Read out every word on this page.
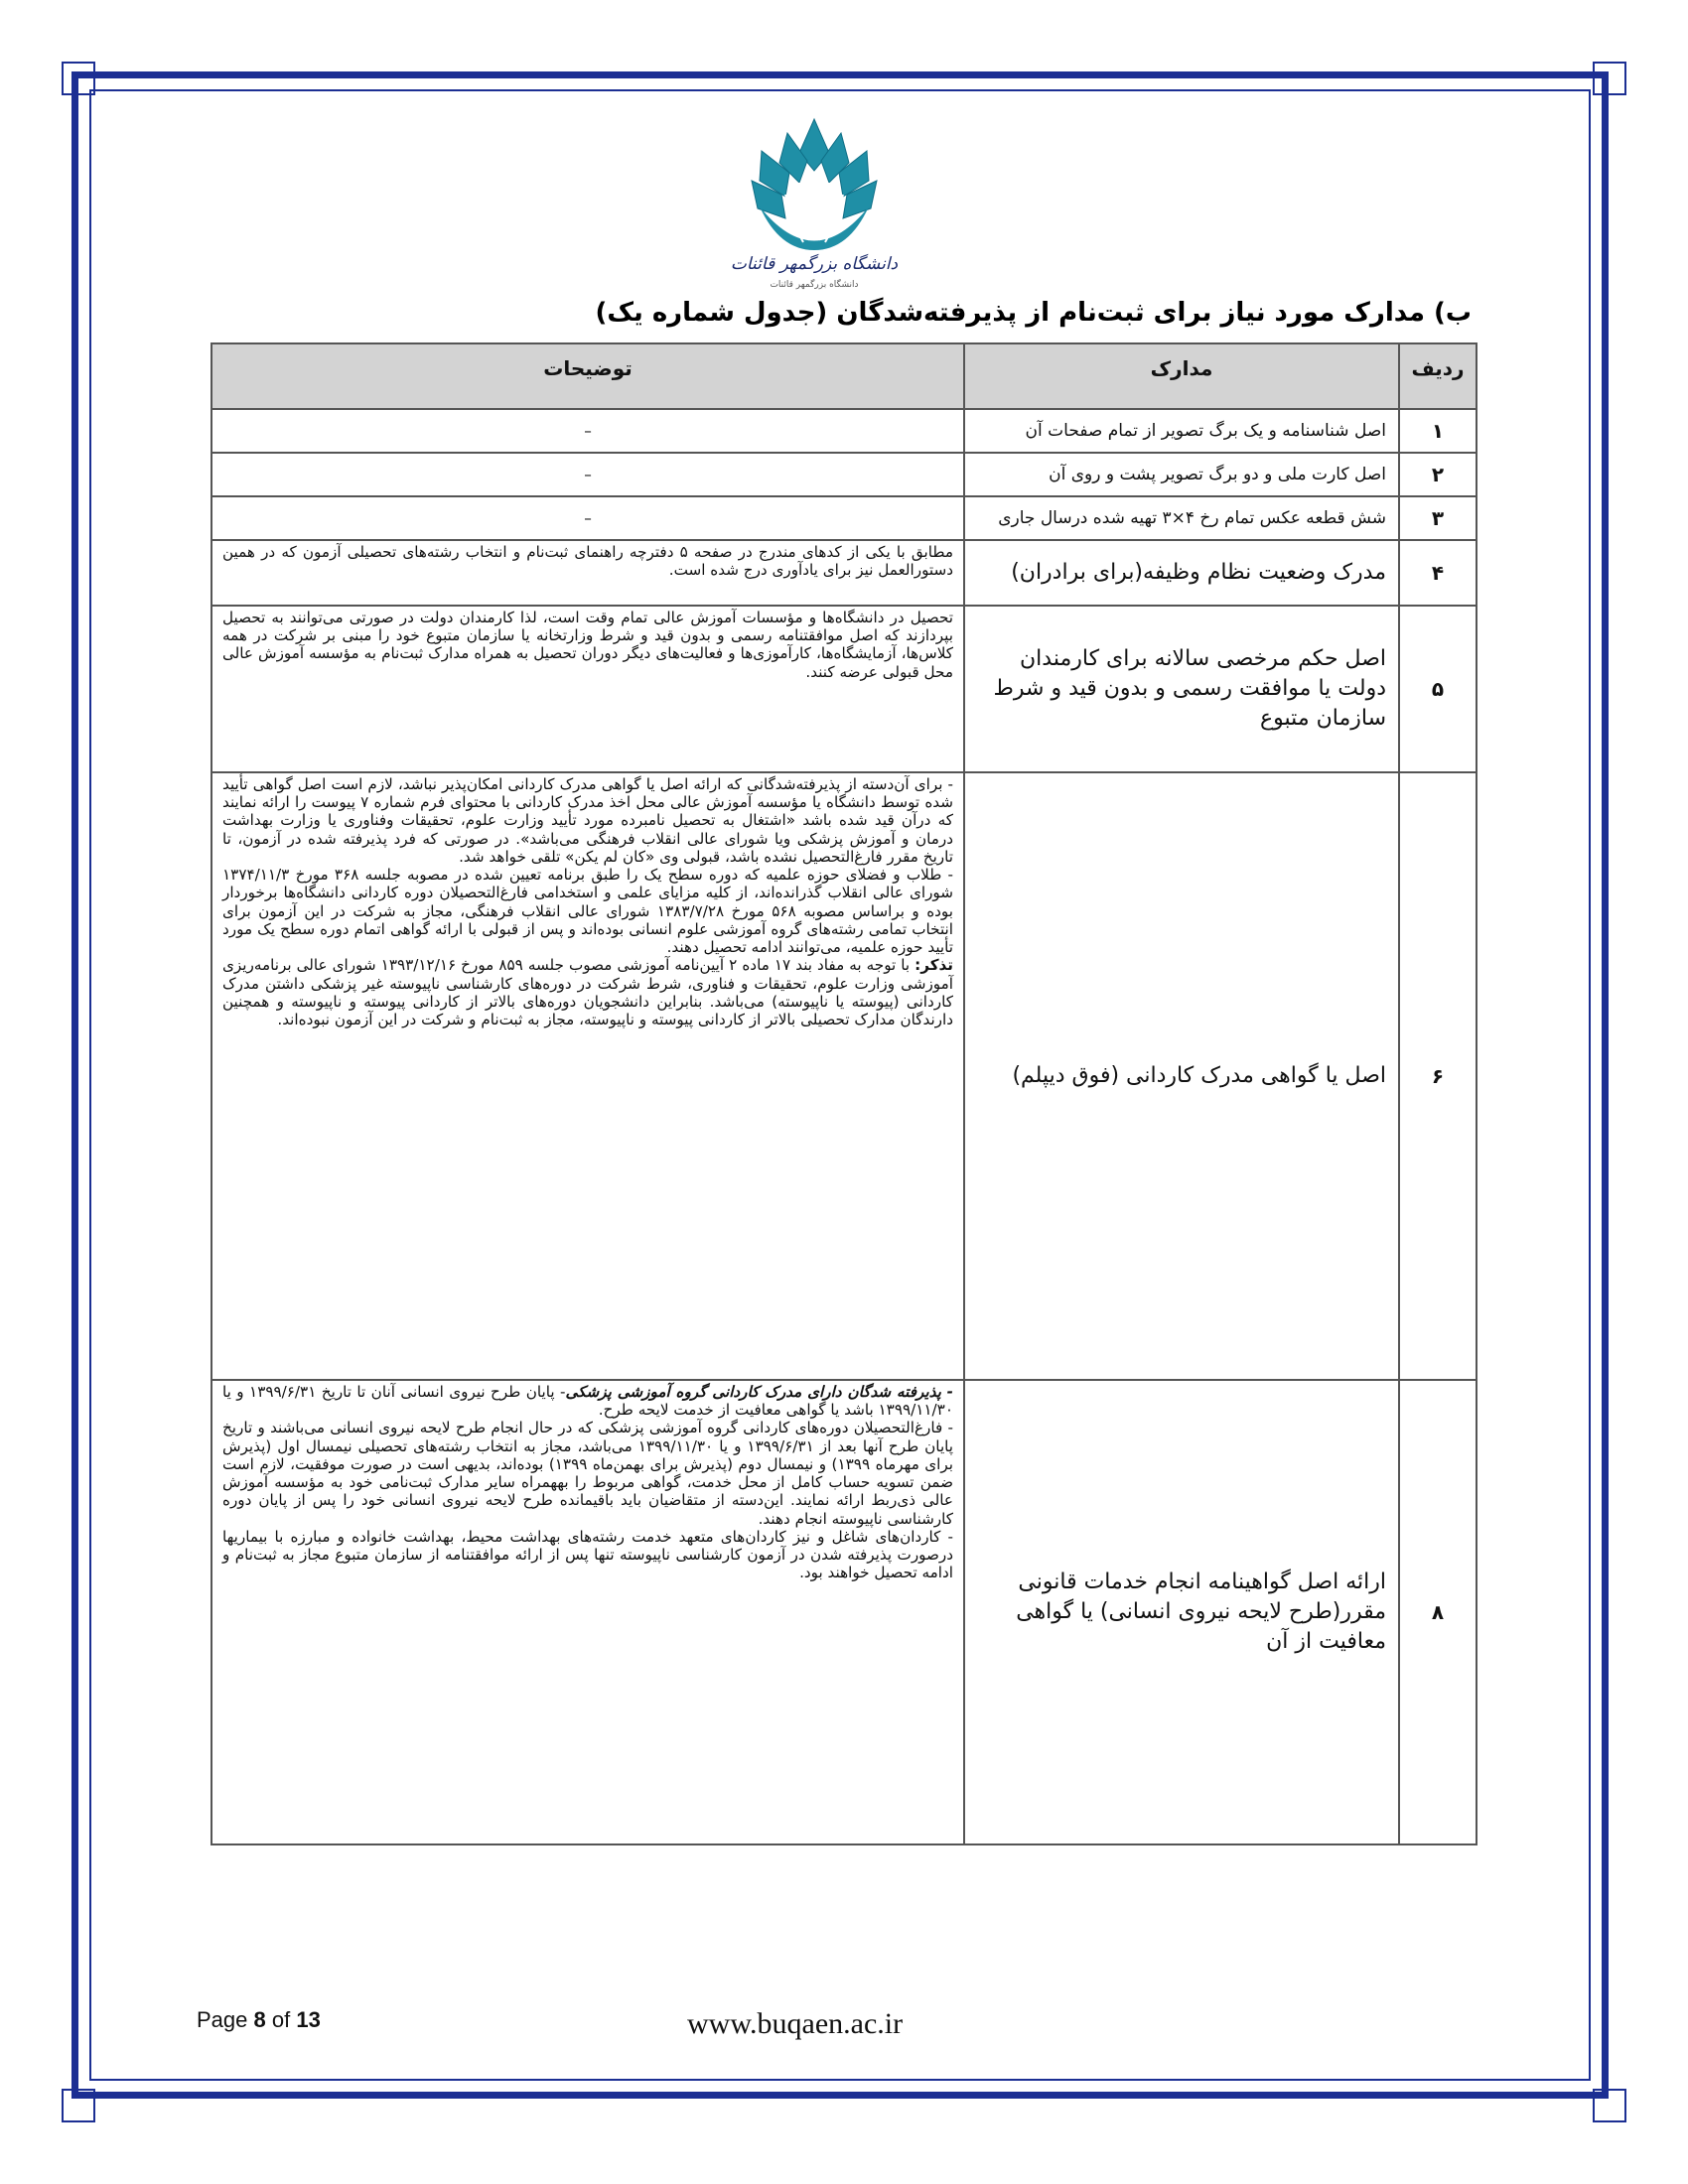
دانشگاه بزرگمهر قائنات
دانشگاه بزرگمهر قائنات
ب) مدارک مورد نیاز برای ثبت‌نام از پذیرفته‌شدگان (جدول شماره یک)
ردیف	مدارک	توضیحات
۱	اصل شناسنامه و یک برگ تصویر از تمام صفحات آن	–
۲	اصل کارت ملی و دو برگ تصویر پشت و روی آن	–
۳	شش قطعه عکس تمام رخ ۴×۳ تهیه شده درسال جاری	–
۴	مدرک وضعیت نظام وظیفه(برای برادران)	مطابق با یکی از کدهای مندرج در صفحه ۵ دفترچه راهنمای ثبت‌نام و انتخاب رشته‌های تحصیلی آزمون که در همین دستورالعمل نیز برای یادآوری درج شده است.
۵	اصل حکم مرخصی سالانه برای کارمندان دولت یا موافقت رسمی و بدون قید و شرط سازمان متبوع	تحصیل در دانشگاه‌ها و مؤسسات آموزش عالی تمام وقت است، لذا کارمندان دولت در صورتی می‌توانند به تحصیل بپردازند که اصل موافقتنامه رسمی و بدون قید و شرط وزارتخانه یا سازمان متبوع خود را مبنی بر شرکت در همه کلاس‌ها، آزمایشگاه‌ها، کارآموزی‌ها و فعالیت‌های دیگر دوران تحصیل به همراه مدارک ثبت‌نام به مؤسسه آموزش عالی محل قبولی عرضه کنند.
۶	اصل یا گواهی مدرک کاردانی (فوق دیپلم)	- برای آن‌دسته از پذیرفته‌شدگانی که ارائه اصل یا گواهی مدرک کاردانی امکان‌پذیر نباشد، لازم است اصل گواهی تأیید شده توسط دانشگاه یا مؤسسه آموزش عالی محل اخذ مدرک کاردانی با محتوای فرم شماره ۷ پیوست را ارائه نمایند که درآن قید شده باشد «اشتغال به تحصیل نامبرده مورد تأیید وزارت علوم، تحقیقات وفناوری یا وزارت بهداشت درمان و آموزش پزشکی ویا شورای عالی انقلاب فرهنگی می‌باشد». در صورتی که فرد پذیرفته شده در آزمون، تا تاریخ مقرر فارغ‌التحصیل نشده باشد، قبولی وی «کان لم یکن» تلقی خواهد شد.

- طلاب و فضلای حوزه علمیه که دوره سطح یک را طبق برنامه تعیین شده در مصوبه جلسه ۳۶۸ مورخ ۱۳۷۴/۱۱/۳ شورای عالی انقلاب گذرانده‌اند، از کلیه مزایای علمی و استخدامی فارغ‌التحصیلان دوره کاردانی دانشگاه‌ها برخوردار بوده و براساس مصوبه ۵۶۸ مورخ ۱۳۸۳/۷/۲۸ شورای عالی انقلاب فرهنگی، مجاز به شرکت در این آزمون برای انتخاب تمامی رشته‌های گروه آموزشی علوم انسانی بوده‌اند و پس از قبولی با ارائه گواهی اتمام دوره سطح یک مورد تأیید حوزه علمیه، می‌توانند ادامه تحصیل دهند.

تذکر: با توجه به مفاد بند ۱۷ ماده ۲ آیین‌نامه آموزشی مصوب جلسه ۸۵۹ مورخ ۱۳۹۳/۱۲/۱۶ شورای عالی برنامه‌ریزی آموزشی وزارت علوم، تحقیقات و فناوری، شرط شرکت در دوره‌های کارشناسی ناپیوسته غیر پزشکی داشتن مدرک کاردانی (پیوسته یا ناپیوسته) می‌باشد. بنابراین دانشجویان دوره‌های بالاتر از کاردانی پیوسته و ناپیوسته و همچنین دارندگان مدارک تحصیلی بالاتر از کاردانی پیوسته و ناپیوسته، مجاز به ثبت‌نام و شرکت در این آزمون نبوده‌اند.

۸	ارائه اصل گواهینامه انجام خدمات قانونی مقرر(طرح لایحه نیروی انسانی) یا گواهی معافیت از آن	- پذیرفته شدگان دارای مدرک کاردانی گروه آموزشی پزشکی- پایان طرح نیروی انسانی آنان تا تاریخ ۱۳۹۹/۶/۳۱ و یا ۱۳۹۹/۱۱/۳۰ باشد یا گواهی معافیت از خدمت لایحه طرح.

- فارغ‌التحصیلان دوره‌های کاردانی گروه آموزشی پزشکی که در حال انجام طرح لایحه نیروی انسانی می‌باشند و تاریخ پایان طرح آنها بعد از ۱۳۹۹/۶/۳۱ و یا ۱۳۹۹/۱۱/۳۰ می‌باشد، مجاز به انتخاب رشته‌های تحصیلی نیمسال اول (پذیرش برای مهرماه ۱۳۹۹) و نیمسال دوم (پذیرش برای بهمن‌ماه ۱۳۹۹) بوده‌اند، بدیهی است در صورت موفقیت، لازم است ضمن تسویه حساب کامل از محل خدمت، گواهی مربوط را بههمراه سایر مدارک ثبت‌نامی خود به مؤسسه آموزش عالی ذی‌ربط ارائه نمایند. این‌دسته از متقاضیان باید باقیمانده طرح لایحه نیروی انسانی خود را پس از پایان دوره کارشناسی ناپیوسته انجام دهند.

- کاردان‌های شاغل و نیز کاردان‌های متعهد خدمت رشته‌های بهداشت محیط، بهداشت خانواده و مبارزه با بیماریها درصورت پذیرفته شدن در آزمون کارشناسی ناپیوسته تنها پس از ارائه موافقتنامه از سازمان متبوع مجاز به ثبت‌نام و ادامه تحصیل خواهند بود.

Page 8 of 13	www.buqaen.ac.ir
